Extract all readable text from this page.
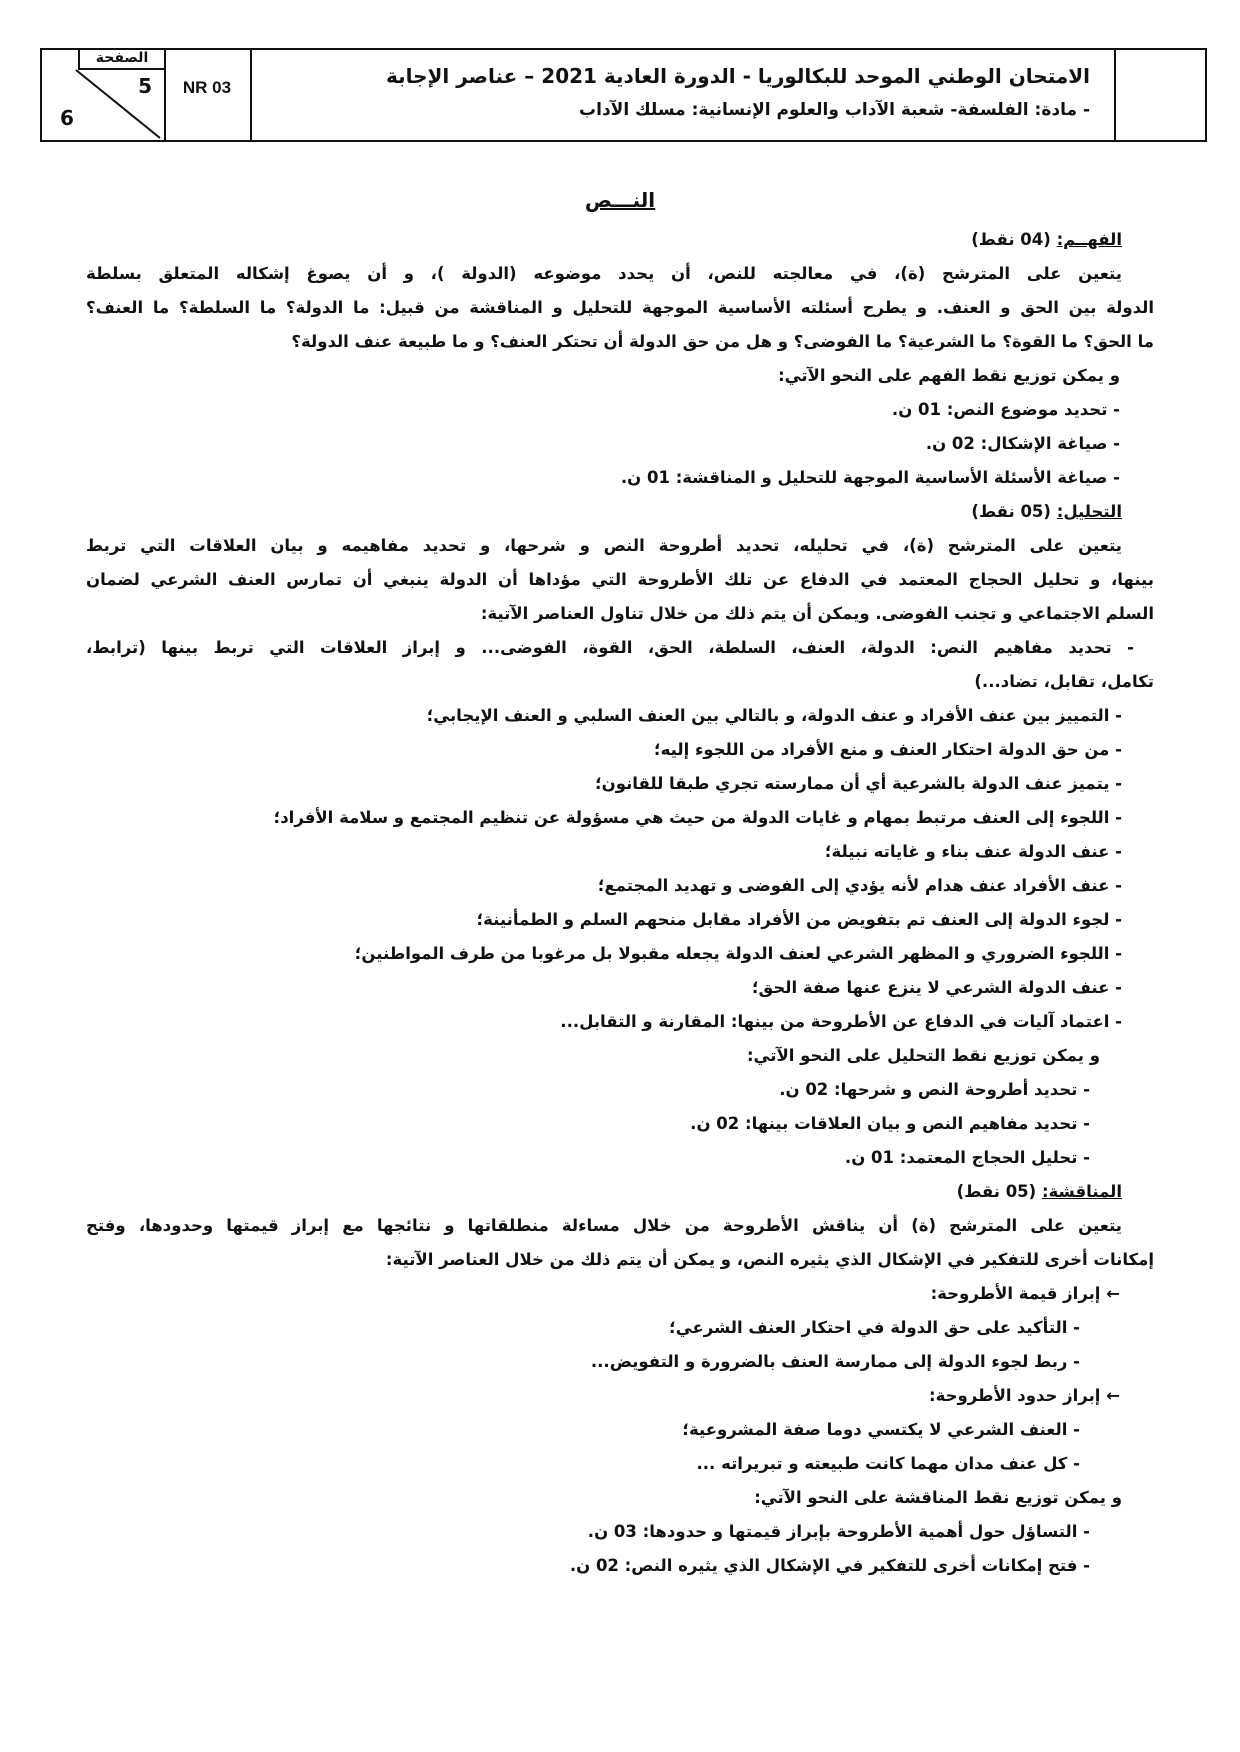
الصفحة
5
6
NR 03	الامتحان الوطني الموحد للبكالوريا - الدورة العادية 2021 – عناصر الإجابة
- مادة: الفلسفة- شعبة الآداب والعلوم الإنسانية: مسلك الآداب
النـــص
الفهــم: (04 نقط)
يتعين على المترشح (ة)، في معالجته للنص، أن يحدد موضوعه (الدولة )، و أن يصوغ إشكاله المتعلق بسلطة
الدولة بين الحق و العنف. و يطرح أسئلته الأساسية الموجهة للتحليل و المناقشة من قبيل: ما الدولة؟ ما السلطة؟ ما العنف؟
ما الحق؟ ما القوة؟ ما الشرعية؟ ما الفوضى؟ و هل من حق الدولة أن تحتكر العنف؟ و ما طبيعة عنف الدولة؟
و يمكن توزيع نقط الفهم على النحو الآتي:
- تحديد موضوع النص: 01 ن.
- صياغة الإشكال: 02 ن.
- صياغة الأسئلة الأساسية الموجهة للتحليل و المناقشة: 01 ن.
التحليل: (05 نقط)
يتعين على المترشح (ة)، في تحليله، تحديد أطروحة النص و شرحها، و تحديد مفاهيمه و بيان العلاقات التي تربط
بينها، و تحليل الحجاج المعتمد في الدفاع عن تلك الأطروحة التي مؤداها أن الدولة ينبغي أن تمارس العنف الشرعي لضمان
السلم الاجتماعي و تجنب الفوضى. ويمكن أن يتم ذلك من خلال تناول العناصر الآتية:
- تحديد مفاهيم النص: الدولة، العنف، السلطة، الحق، القوة، الفوضى... و إبراز العلاقات التي تربط بينها (ترابط،
تكامل، تقابل، تضاد...)
- التمييز بين عنف الأفراد و عنف الدولة، و بالتالي بين العنف السلبي و العنف الإيجابي؛
- من حق الدولة احتكار العنف و منع الأفراد من اللجوء إليه؛
- يتميز عنف الدولة بالشرعية أي أن ممارسته تجري طبقا للقانون؛
- اللجوء إلى العنف مرتبط بمهام و غايات الدولة من حيث هي مسؤولة عن تنظيم المجتمع و سلامة الأفراد؛
- عنف الدولة عنف بناء و غاياته نبيلة؛
- عنف الأفراد عنف هدام لأنه يؤدي إلى الفوضى و تهديد المجتمع؛
- لجوء الدولة إلى العنف تم بتفويض من الأفراد مقابل منحهم السلم و الطمأنينة؛
- اللجوء الضروري و المظهر الشرعي لعنف الدولة يجعله مقبولا بل مرغوبا من طرف المواطنين؛
- عنف الدولة الشرعي لا ينزع عنها صفة الحق؛
- اعتماد آليات في الدفاع عن الأطروحة من بينها: المقارنة و التقابل...
و يمكن توزيع نقط التحليل على النحو الآتي:
- تحديد أطروحة النص و شرحها: 02 ن.
- تحديد مفاهيم النص و بيان العلاقات بينها: 02 ن.
- تحليل الحجاج المعتمد: 01 ن.
المناقشة: (05 نقط)
يتعين على المترشح (ة) أن يناقش الأطروحة من خلال مساءلة منطلقاتها و نتائجها مع إبراز قيمتها وحدودها، وفتح
إمكانات أخرى للتفكير في الإشكال الذي يثيره النص، و يمكن أن يتم ذلك من خلال العناصر الآتية:
← إبراز قيمة الأطروحة:
- التأكيد على حق الدولة في احتكار العنف الشرعي؛
- ربط لجوء الدولة إلى ممارسة العنف بالضرورة و التفويض...
← إبراز حدود الأطروحة:
- العنف الشرعي لا يكتسي دوما صفة المشروعية؛
- كل عنف مدان مهما كانت طبيعته و تبريراته ...
و يمكن توزيع نقط المناقشة على النحو الآتي:
- التساؤل حول أهمية الأطروحة بإبراز قيمتها و حدودها: 03 ن.
- فتح إمكانات أخرى للتفكير في الإشكال الذي يثيره النص: 02 ن.
